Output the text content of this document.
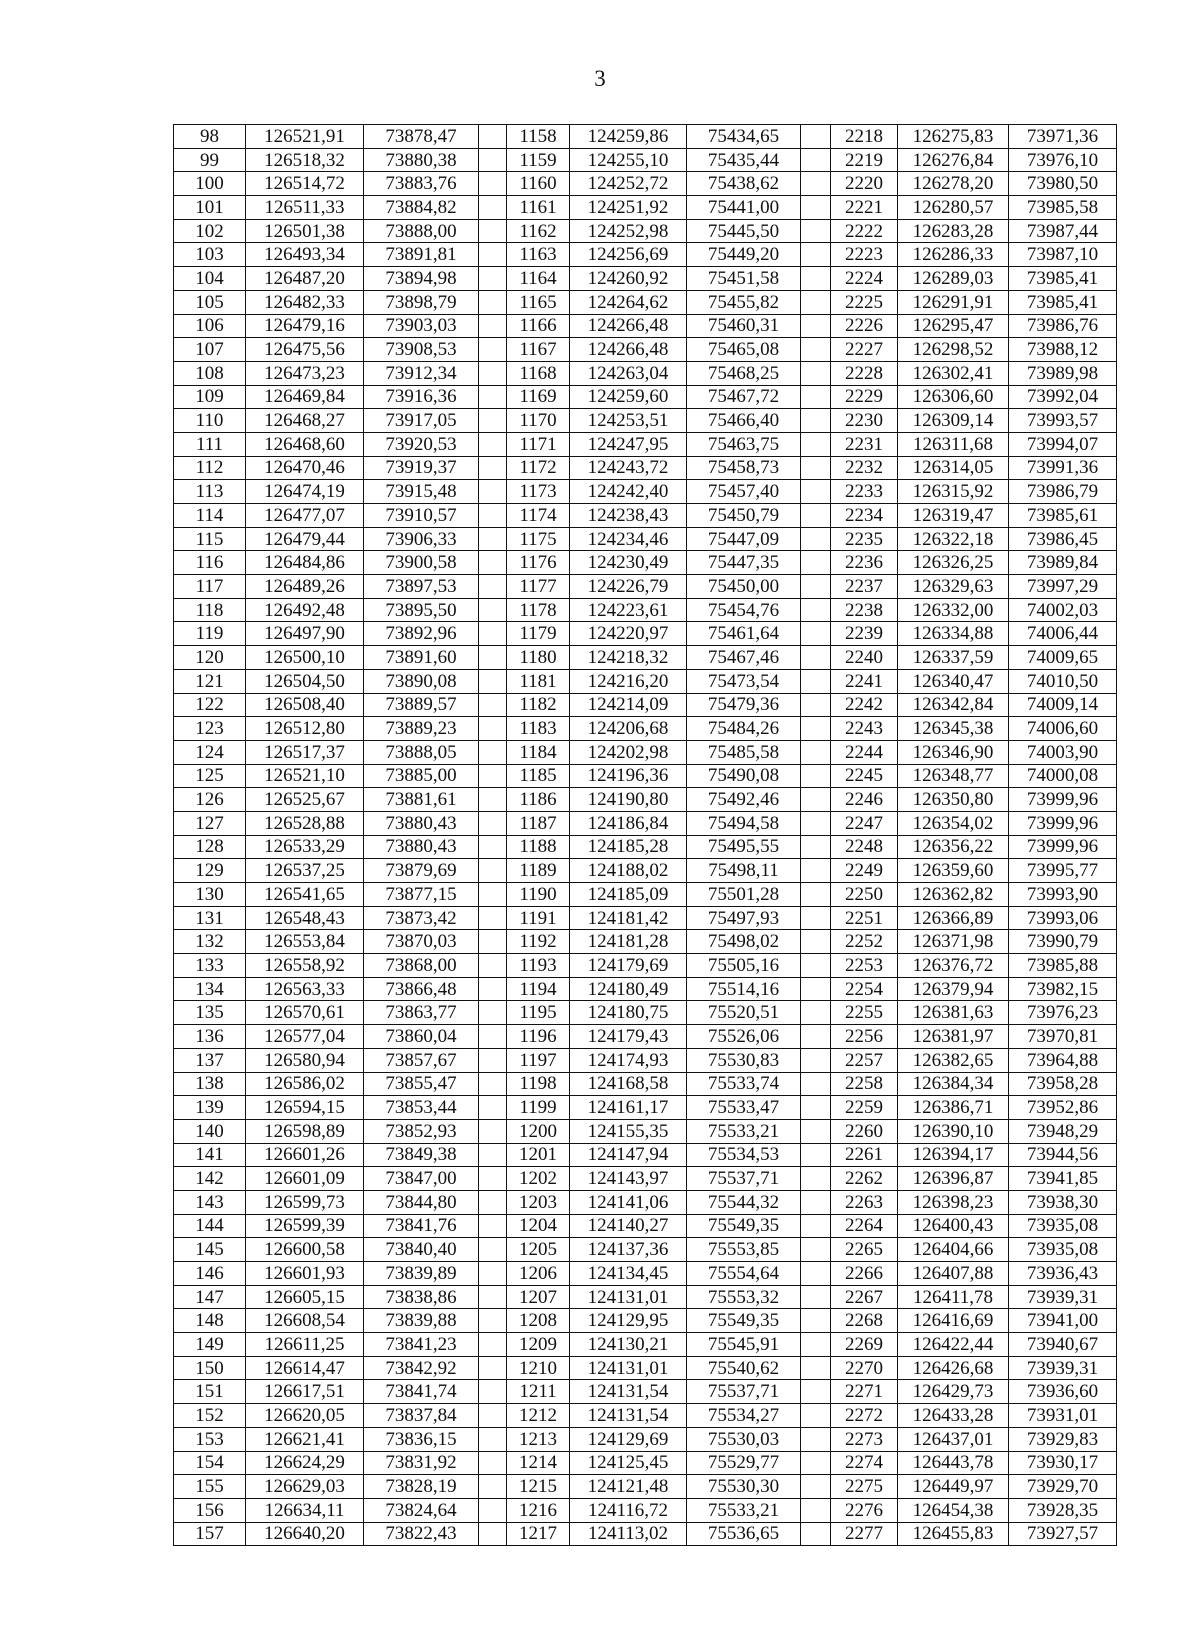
3
98	126521,91	73878,47		1158	124259,86	75434,65		2218	126275,83	73971,36
99	126518,32	73880,38		1159	124255,10	75435,44		2219	126276,84	73976,10
100	126514,72	73883,76		1160	124252,72	75438,62		2220	126278,20	73980,50
101	126511,33	73884,82		1161	124251,92	75441,00		2221	126280,57	73985,58
102	126501,38	73888,00		1162	124252,98	75445,50		2222	126283,28	73987,44
103	126493,34	73891,81		1163	124256,69	75449,20		2223	126286,33	73987,10
104	126487,20	73894,98		1164	124260,92	75451,58		2224	126289,03	73985,41
105	126482,33	73898,79		1165	124264,62	75455,82		2225	126291,91	73985,41
106	126479,16	73903,03		1166	124266,48	75460,31		2226	126295,47	73986,76
107	126475,56	73908,53		1167	124266,48	75465,08		2227	126298,52	73988,12
108	126473,23	73912,34		1168	124263,04	75468,25		2228	126302,41	73989,98
109	126469,84	73916,36		1169	124259,60	75467,72		2229	126306,60	73992,04
110	126468,27	73917,05		1170	124253,51	75466,40		2230	126309,14	73993,57
111	126468,60	73920,53		1171	124247,95	75463,75		2231	126311,68	73994,07
112	126470,46	73919,37		1172	124243,72	75458,73		2232	126314,05	73991,36
113	126474,19	73915,48		1173	124242,40	75457,40		2233	126315,92	73986,79
114	126477,07	73910,57		1174	124238,43	75450,79		2234	126319,47	73985,61
115	126479,44	73906,33		1175	124234,46	75447,09		2235	126322,18	73986,45
116	126484,86	73900,58		1176	124230,49	75447,35		2236	126326,25	73989,84
117	126489,26	73897,53		1177	124226,79	75450,00		2237	126329,63	73997,29
118	126492,48	73895,50		1178	124223,61	75454,76		2238	126332,00	74002,03
119	126497,90	73892,96		1179	124220,97	75461,64		2239	126334,88	74006,44
120	126500,10	73891,60		1180	124218,32	75467,46		2240	126337,59	74009,65
121	126504,50	73890,08		1181	124216,20	75473,54		2241	126340,47	74010,50
122	126508,40	73889,57		1182	124214,09	75479,36		2242	126342,84	74009,14
123	126512,80	73889,23		1183	124206,68	75484,26		2243	126345,38	74006,60
124	126517,37	73888,05		1184	124202,98	75485,58		2244	126346,90	74003,90
125	126521,10	73885,00		1185	124196,36	75490,08		2245	126348,77	74000,08
126	126525,67	73881,61		1186	124190,80	75492,46		2246	126350,80	73999,96
127	126528,88	73880,43		1187	124186,84	75494,58		2247	126354,02	73999,96
128	126533,29	73880,43		1188	124185,28	75495,55		2248	126356,22	73999,96
129	126537,25	73879,69		1189	124188,02	75498,11		2249	126359,60	73995,77
130	126541,65	73877,15		1190	124185,09	75501,28		2250	126362,82	73993,90
131	126548,43	73873,42		1191	124181,42	75497,93		2251	126366,89	73993,06
132	126553,84	73870,03		1192	124181,28	75498,02		2252	126371,98	73990,79
133	126558,92	73868,00		1193	124179,69	75505,16		2253	126376,72	73985,88
134	126563,33	73866,48		1194	124180,49	75514,16		2254	126379,94	73982,15
135	126570,61	73863,77		1195	124180,75	75520,51		2255	126381,63	73976,23
136	126577,04	73860,04		1196	124179,43	75526,06		2256	126381,97	73970,81
137	126580,94	73857,67		1197	124174,93	75530,83		2257	126382,65	73964,88
138	126586,02	73855,47		1198	124168,58	75533,74		2258	126384,34	73958,28
139	126594,15	73853,44		1199	124161,17	75533,47		2259	126386,71	73952,86
140	126598,89	73852,93		1200	124155,35	75533,21		2260	126390,10	73948,29
141	126601,26	73849,38		1201	124147,94	75534,53		2261	126394,17	73944,56
142	126601,09	73847,00		1202	124143,97	75537,71		2262	126396,87	73941,85
143	126599,73	73844,80		1203	124141,06	75544,32		2263	126398,23	73938,30
144	126599,39	73841,76		1204	124140,27	75549,35		2264	126400,43	73935,08
145	126600,58	73840,40		1205	124137,36	75553,85		2265	126404,66	73935,08
146	126601,93	73839,89		1206	124134,45	75554,64		2266	126407,88	73936,43
147	126605,15	73838,86		1207	124131,01	75553,32		2267	126411,78	73939,31
148	126608,54	73839,88		1208	124129,95	75549,35		2268	126416,69	73941,00
149	126611,25	73841,23		1209	124130,21	75545,91		2269	126422,44	73940,67
150	126614,47	73842,92		1210	124131,01	75540,62		2270	126426,68	73939,31
151	126617,51	73841,74		1211	124131,54	75537,71		2271	126429,73	73936,60
152	126620,05	73837,84		1212	124131,54	75534,27		2272	126433,28	73931,01
153	126621,41	73836,15		1213	124129,69	75530,03		2273	126437,01	73929,83
154	126624,29	73831,92		1214	124125,45	75529,77		2274	126443,78	73930,17
155	126629,03	73828,19		1215	124121,48	75530,30		2275	126449,97	73929,70
156	126634,11	73824,64		1216	124116,72	75533,21		2276	126454,38	73928,35
157	126640,20	73822,43		1217	124113,02	75536,65		2277	126455,83	73927,57
